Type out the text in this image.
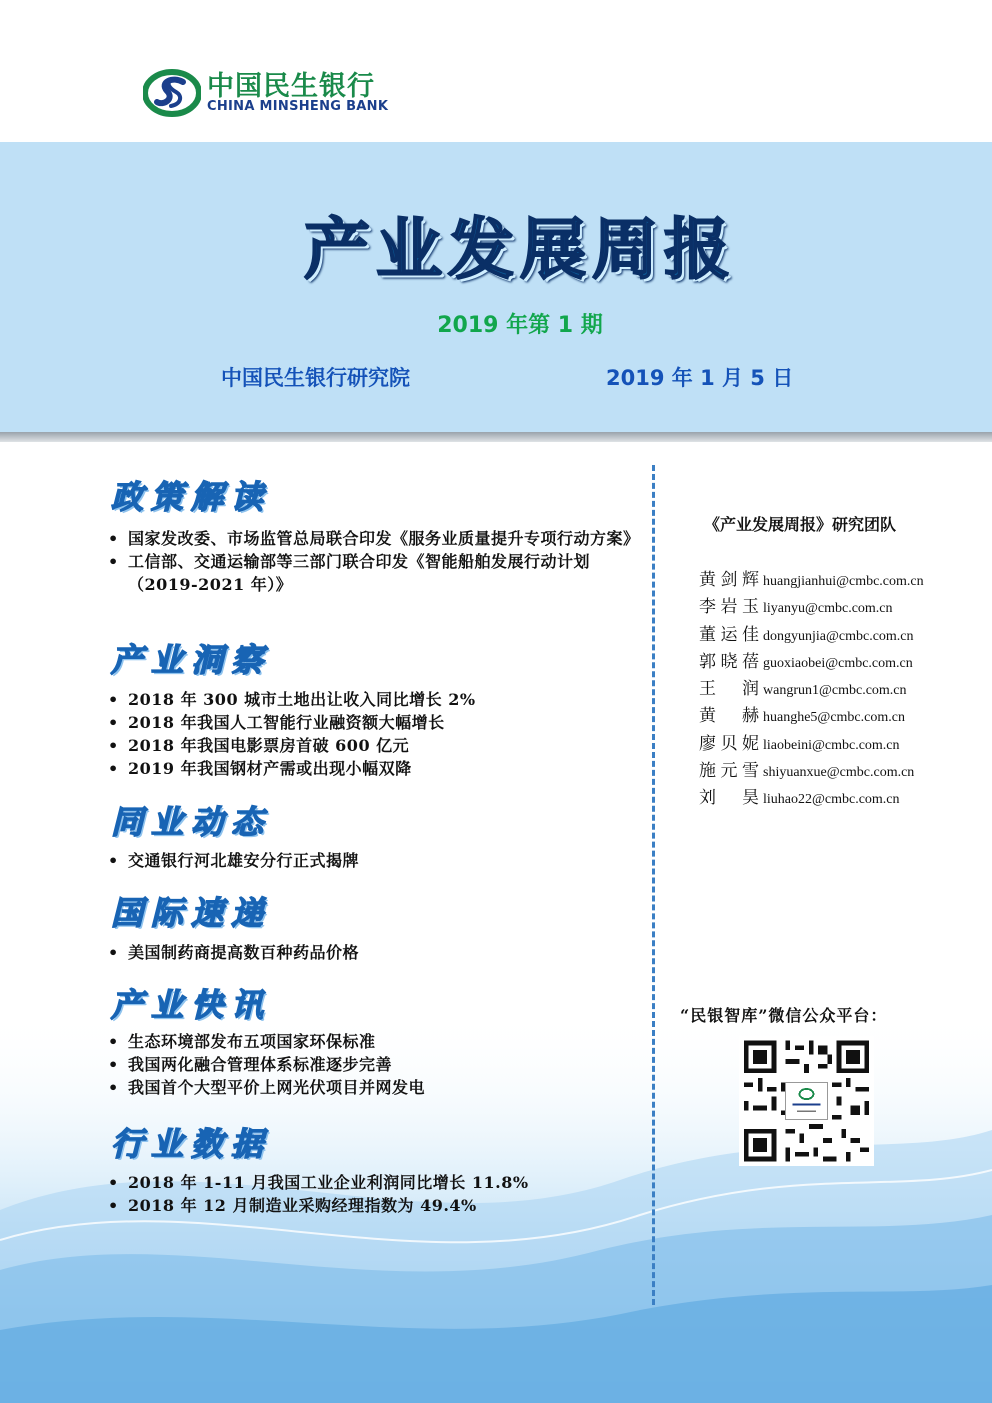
中国民生银行
CHINA MINSHENG BANK
产业发展周报
2019 年第 1 期
中国民生银行研究院	2019 年 1 月 5 日
政策解读
• 国家发改委、市场监管总局联合印发《服务业质量提升专项行动方案》
• 工信部、交通运输部等三部门联合印发《智能船舶发展行动计划（2019-2021 年）》
产业洞察
• 2018 年 300 城市土地出让收入同比增长 2%
• 2018 年我国人工智能行业融资额大幅增长
• 2018 年我国电影票房首破 600 亿元
• 2019 年我国钢材产需或出现小幅双降
同业动态
• 交通银行河北雄安分行正式揭牌
国际速递
• 美国制药商提高数百种药品价格
产业快讯
• 生态环境部发布五项国家环保标准
• 我国两化融合管理体系标准逐步完善
• 我国首个大型平价上网光伏项目并网发电
行业数据
• 2018 年 1-11 月我国工业企业利润同比增长 11.8%
• 2018 年 12 月制造业采购经理指数为 49.4%
《产业发展周报》研究团队
黄剑辉 huangjianhui@cmbc.com.cn
李岩玉 liyanyu@cmbc.com.cn
董运佳 dongyunjia@cmbc.com.cn
郭晓蓓 guoxiaobei@cmbc.com.cn
王润 wangrun1@cmbc.com.cn
黄赫 huanghe5@cmbc.com.cn
廖贝妮 liaobeini@cmbc.com.cn
施元雪 shiyuanxue@cmbc.com.cn
刘昊 liuhao22@cmbc.com.cn
“民银智库”微信公众平台：
